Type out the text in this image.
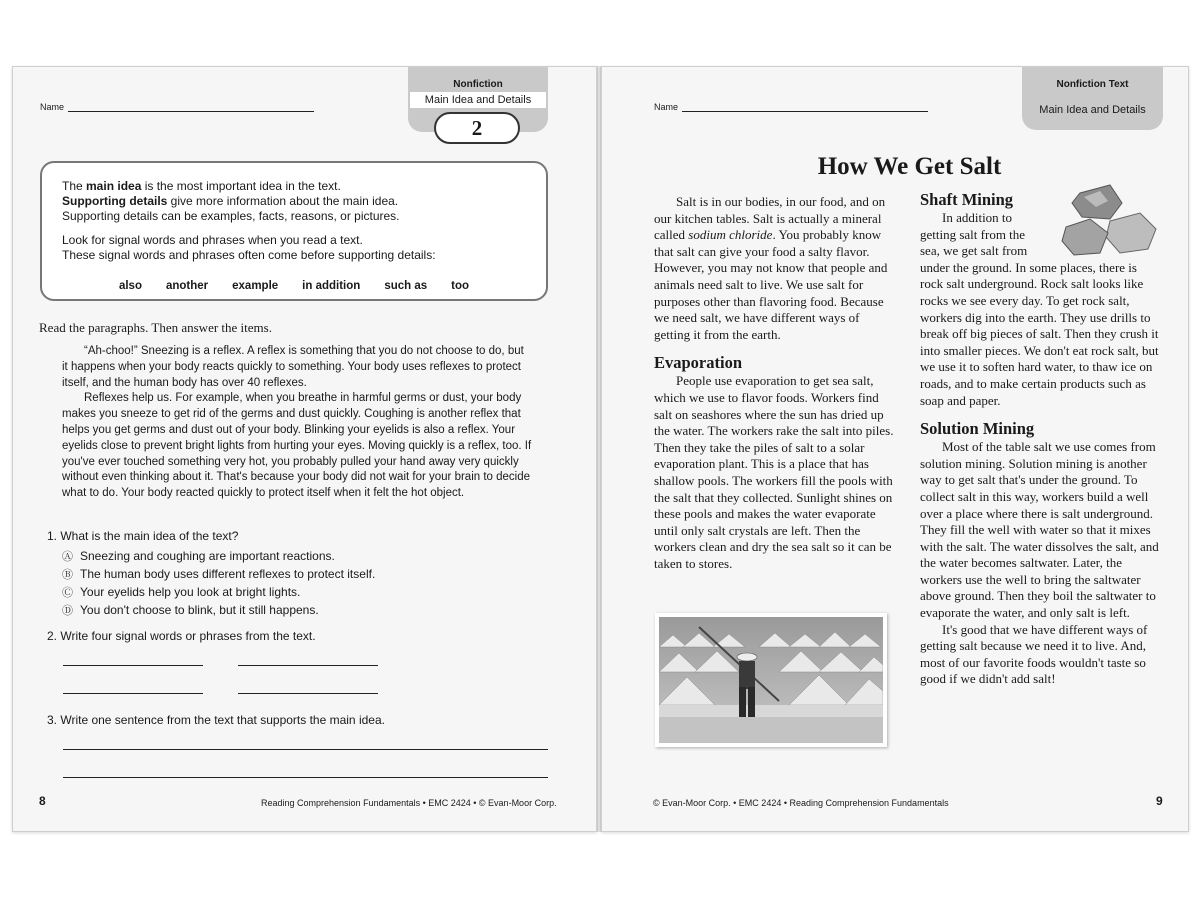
Name
Nonfiction
Main Idea and Details
2

The main idea is the most important idea in the text.

Supporting details give more information about the main idea.

Supporting details can be examples, facts, reasons, or pictures.

Look for signal words and phrases when you read a text.

These signal words and phrases often come before supporting details:

also another example in addition such as too
Read the paragraphs. Then answer the items.

“Ah-choo!” Sneezing is a reflex. A reflex is something that you do not choose to do, but it happens when your body reacts quickly to something. Your body uses reflexes to protect itself, and the human body has over 40 reflexes.

Reflexes help us. For example, when you breathe in harmful germs or dust, your body makes you sneeze to get rid of the germs and dust quickly. Coughing is another reflex that helps you get germs and dust out of your body. Blinking your eyelids is also a reflex. Your eyelids close to prevent bright lights from hurting your eyes. Moving quickly is a reflex, too. If you've ever touched something very hot, you probably pulled your hand away very quickly without even thinking about it. That's because your body did not wait for your brain to decide what to do. Your body reacted quickly to protect itself when it felt the hot object.

1. What is the main idea of the text?
Ⓐ Sneezing and coughing are important reactions.
Ⓑ The human body uses different reflexes to protect itself.
Ⓒ Your eyelids help you look at bright lights.
Ⓓ You don't choose to blink, but it still happens.
2. Write four signal words or phrases from the text.
3. Write one sentence from the text that supports the main idea.
8	Reading Comprehension Fundamentals • EMC 2424 • © Evan-Moor Corp.
Name
Nonfiction Text
Main Idea and Details
How We Get Salt

Salt is in our bodies, in our food, and on our kitchen tables. Salt is actually a mineral called sodium chloride. You probably know that salt can give your food a salty flavor. However, you may not know that people and animals need salt to live. We use salt for purposes other than flavoring food. Because we need salt, we have different ways of getting it from the earth.

Evaporation

People use evaporation to get sea salt, which we use to flavor foods. Workers find salt on seashores where the sun has dried up the water. The workers rake the salt into piles. Then they take the piles of salt to a solar evaporation plant. This is a place that has shallow pools. The workers fill the pools with the salt that they collected. Sunlight shines on these pools and makes the water evaporate until only salt crystals are left. Then the workers clean and dry the sea salt so it can be taken to stores.

Shaft Mining

In addition to getting salt from the sea, we get salt from

under the ground. In some places, there is rock salt underground. Rock salt looks like rocks we see every day. To get rock salt, workers dig into the earth. They use drills to break off big pieces of salt. Then they crush it into smaller pieces. We don't eat rock salt, but we use it to soften hard water, to thaw ice on roads, and to make certain products such as soap and paper.

Solution Mining

Most of the table salt we use comes from solution mining. Solution mining is another way to get salt that's under the ground. To collect salt in this way, workers build a well over a place where there is salt underground. They fill the well with water so that it mixes with the salt. The water dissolves the salt, and the water becomes saltwater. Later, the workers use the well to bring the saltwater above ground. Then they boil the saltwater to evaporate the water, and only salt is left.

It's good that we have different ways of getting salt because we need it to live. And, most of our favorite foods wouldn't taste so good if we didn't add salt!

© Evan-Moor Corp. • EMC 2424 • Reading Comprehension Fundamentals	9
